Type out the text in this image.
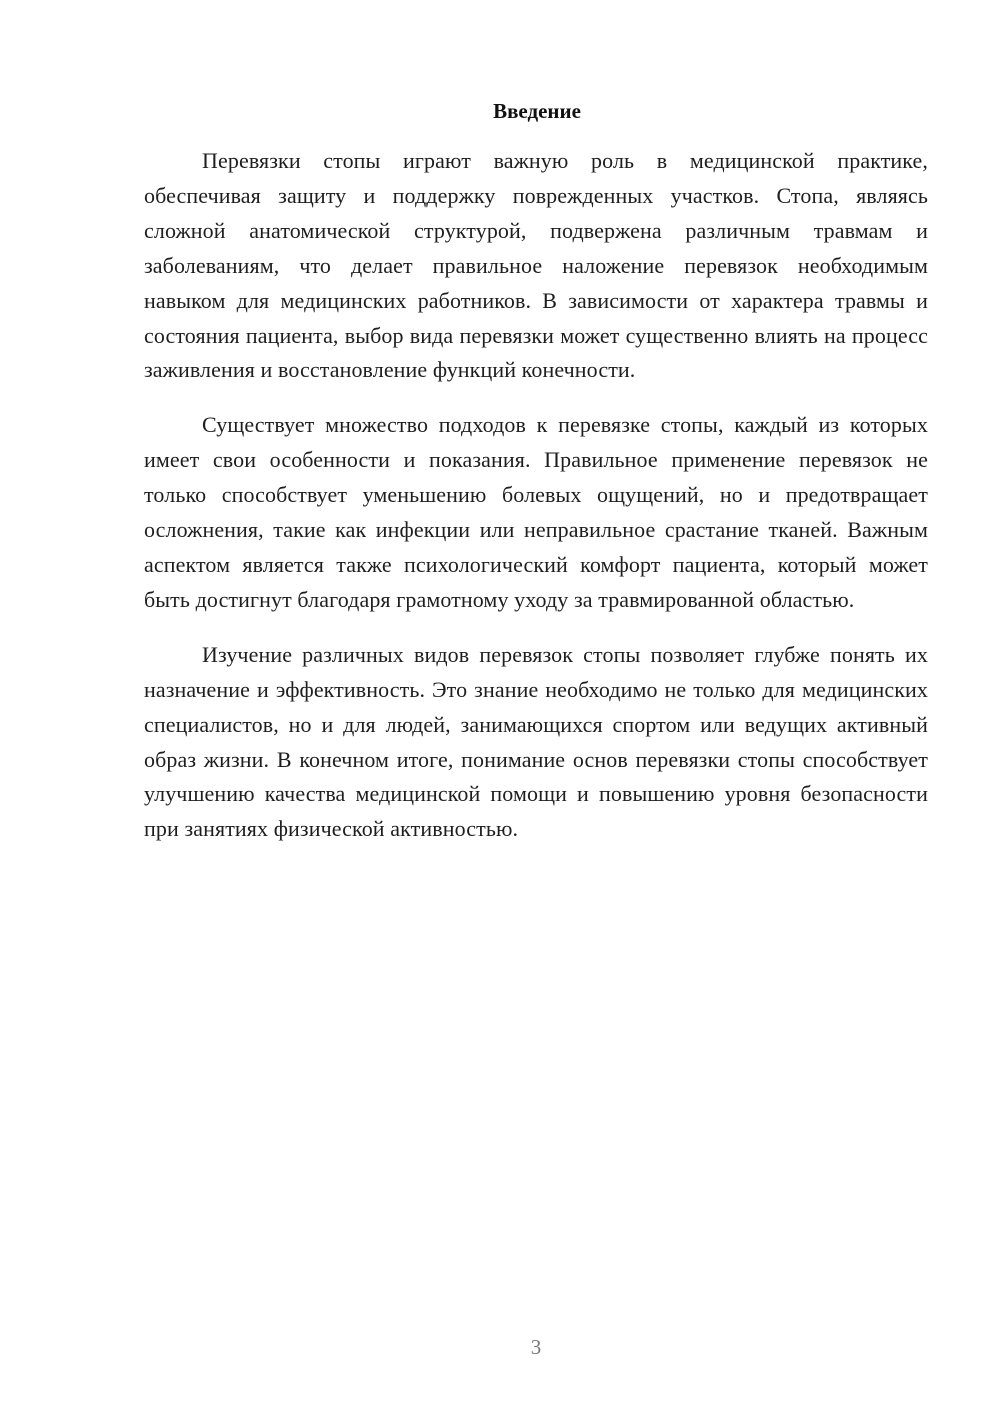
Введение

Перевязки стопы играют важную роль в медицинской практике, обеспечивая защиту и поддержку поврежденных участков. Стопа, являясь сложной анатомической структурой, подвержена различным травмам и заболеваниям, что делает правильное наложение перевязок необходимым навыком для медицинских работников. В зависимости от характера травмы и состояния пациента, выбор вида перевязки может существенно влиять на процесс заживления и восстановление функций конечности.

Существует множество подходов к перевязке стопы, каждый из которых имеет свои особенности и показания. Правильное применение перевязок не только способствует уменьшению болевых ощущений, но и предотвращает осложнения, такие как инфекции или неправильное срастание тканей. Важным аспектом является также психологический комфорт пациента, который может быть достигнут благодаря грамотному уходу за травмированной областью.

Изучение различных видов перевязок стопы позволяет глубже понять их назначение и эффективность. Это знание необходимо не только для медицинских специалистов, но и для людей, занимающихся спортом или ведущих активный образ жизни. В конечном итоге, понимание основ перевязки стопы способствует улучшению качества медицинской помощи и повышению уровня безопасности при занятиях физической активностью.

3
